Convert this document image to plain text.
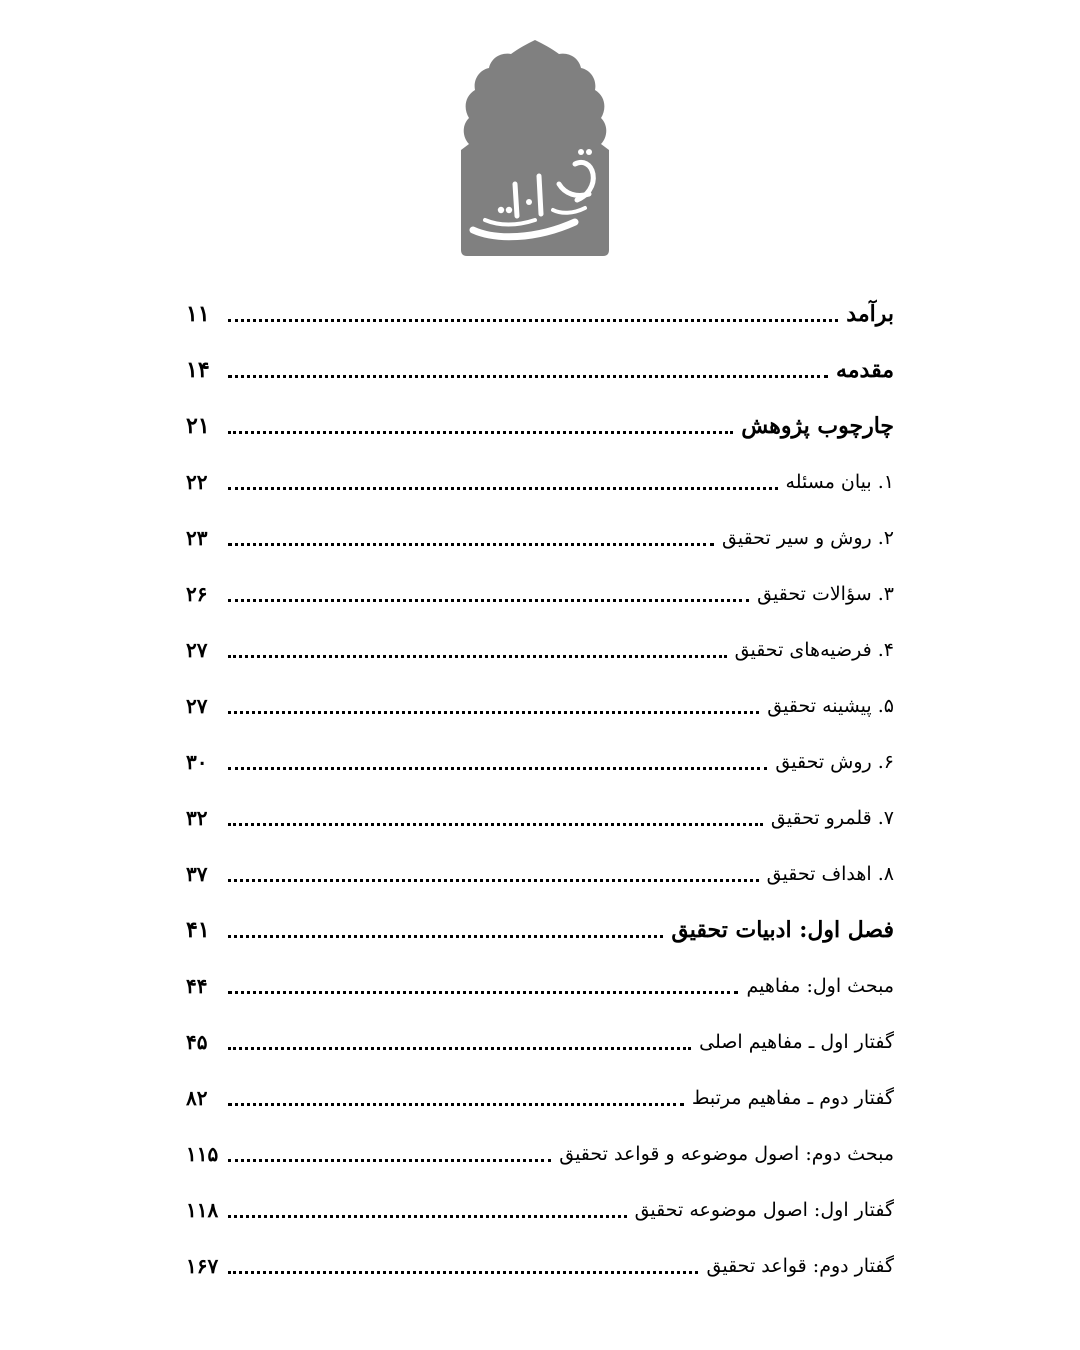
برآمد
۱۱
مقدمه
۱۴
چارچوب پژوهش
۲۱
۱. بیان مسئله
۲۲
۲. روش و سیر تحقیق
۲۳
۳. سؤالات تحقیق
۲۶
۴. فرضیه‌های تحقیق
۲۷
۵. پیشینه تحقیق
۲۷
۶. روش تحقیق
۳۰
۷. قلمرو تحقیق
۳۲
۸. اهداف تحقیق
۳۷
فصل اول: ادبیات تحقیق
۴۱
مبحث اول: مفاهیم
۴۴
گفتار اول ـ مفاهیم اصلی
۴۵
گفتار دوم ـ مفاهیم مرتبط
۸۲
مبحث دوم: اصول موضوعه و قواعد تحقیق
۱۱۵
گفتار اول: اصول موضوعه تحقیق
۱۱۸
گفتار دوم: قواعد تحقیق
۱۶۷
